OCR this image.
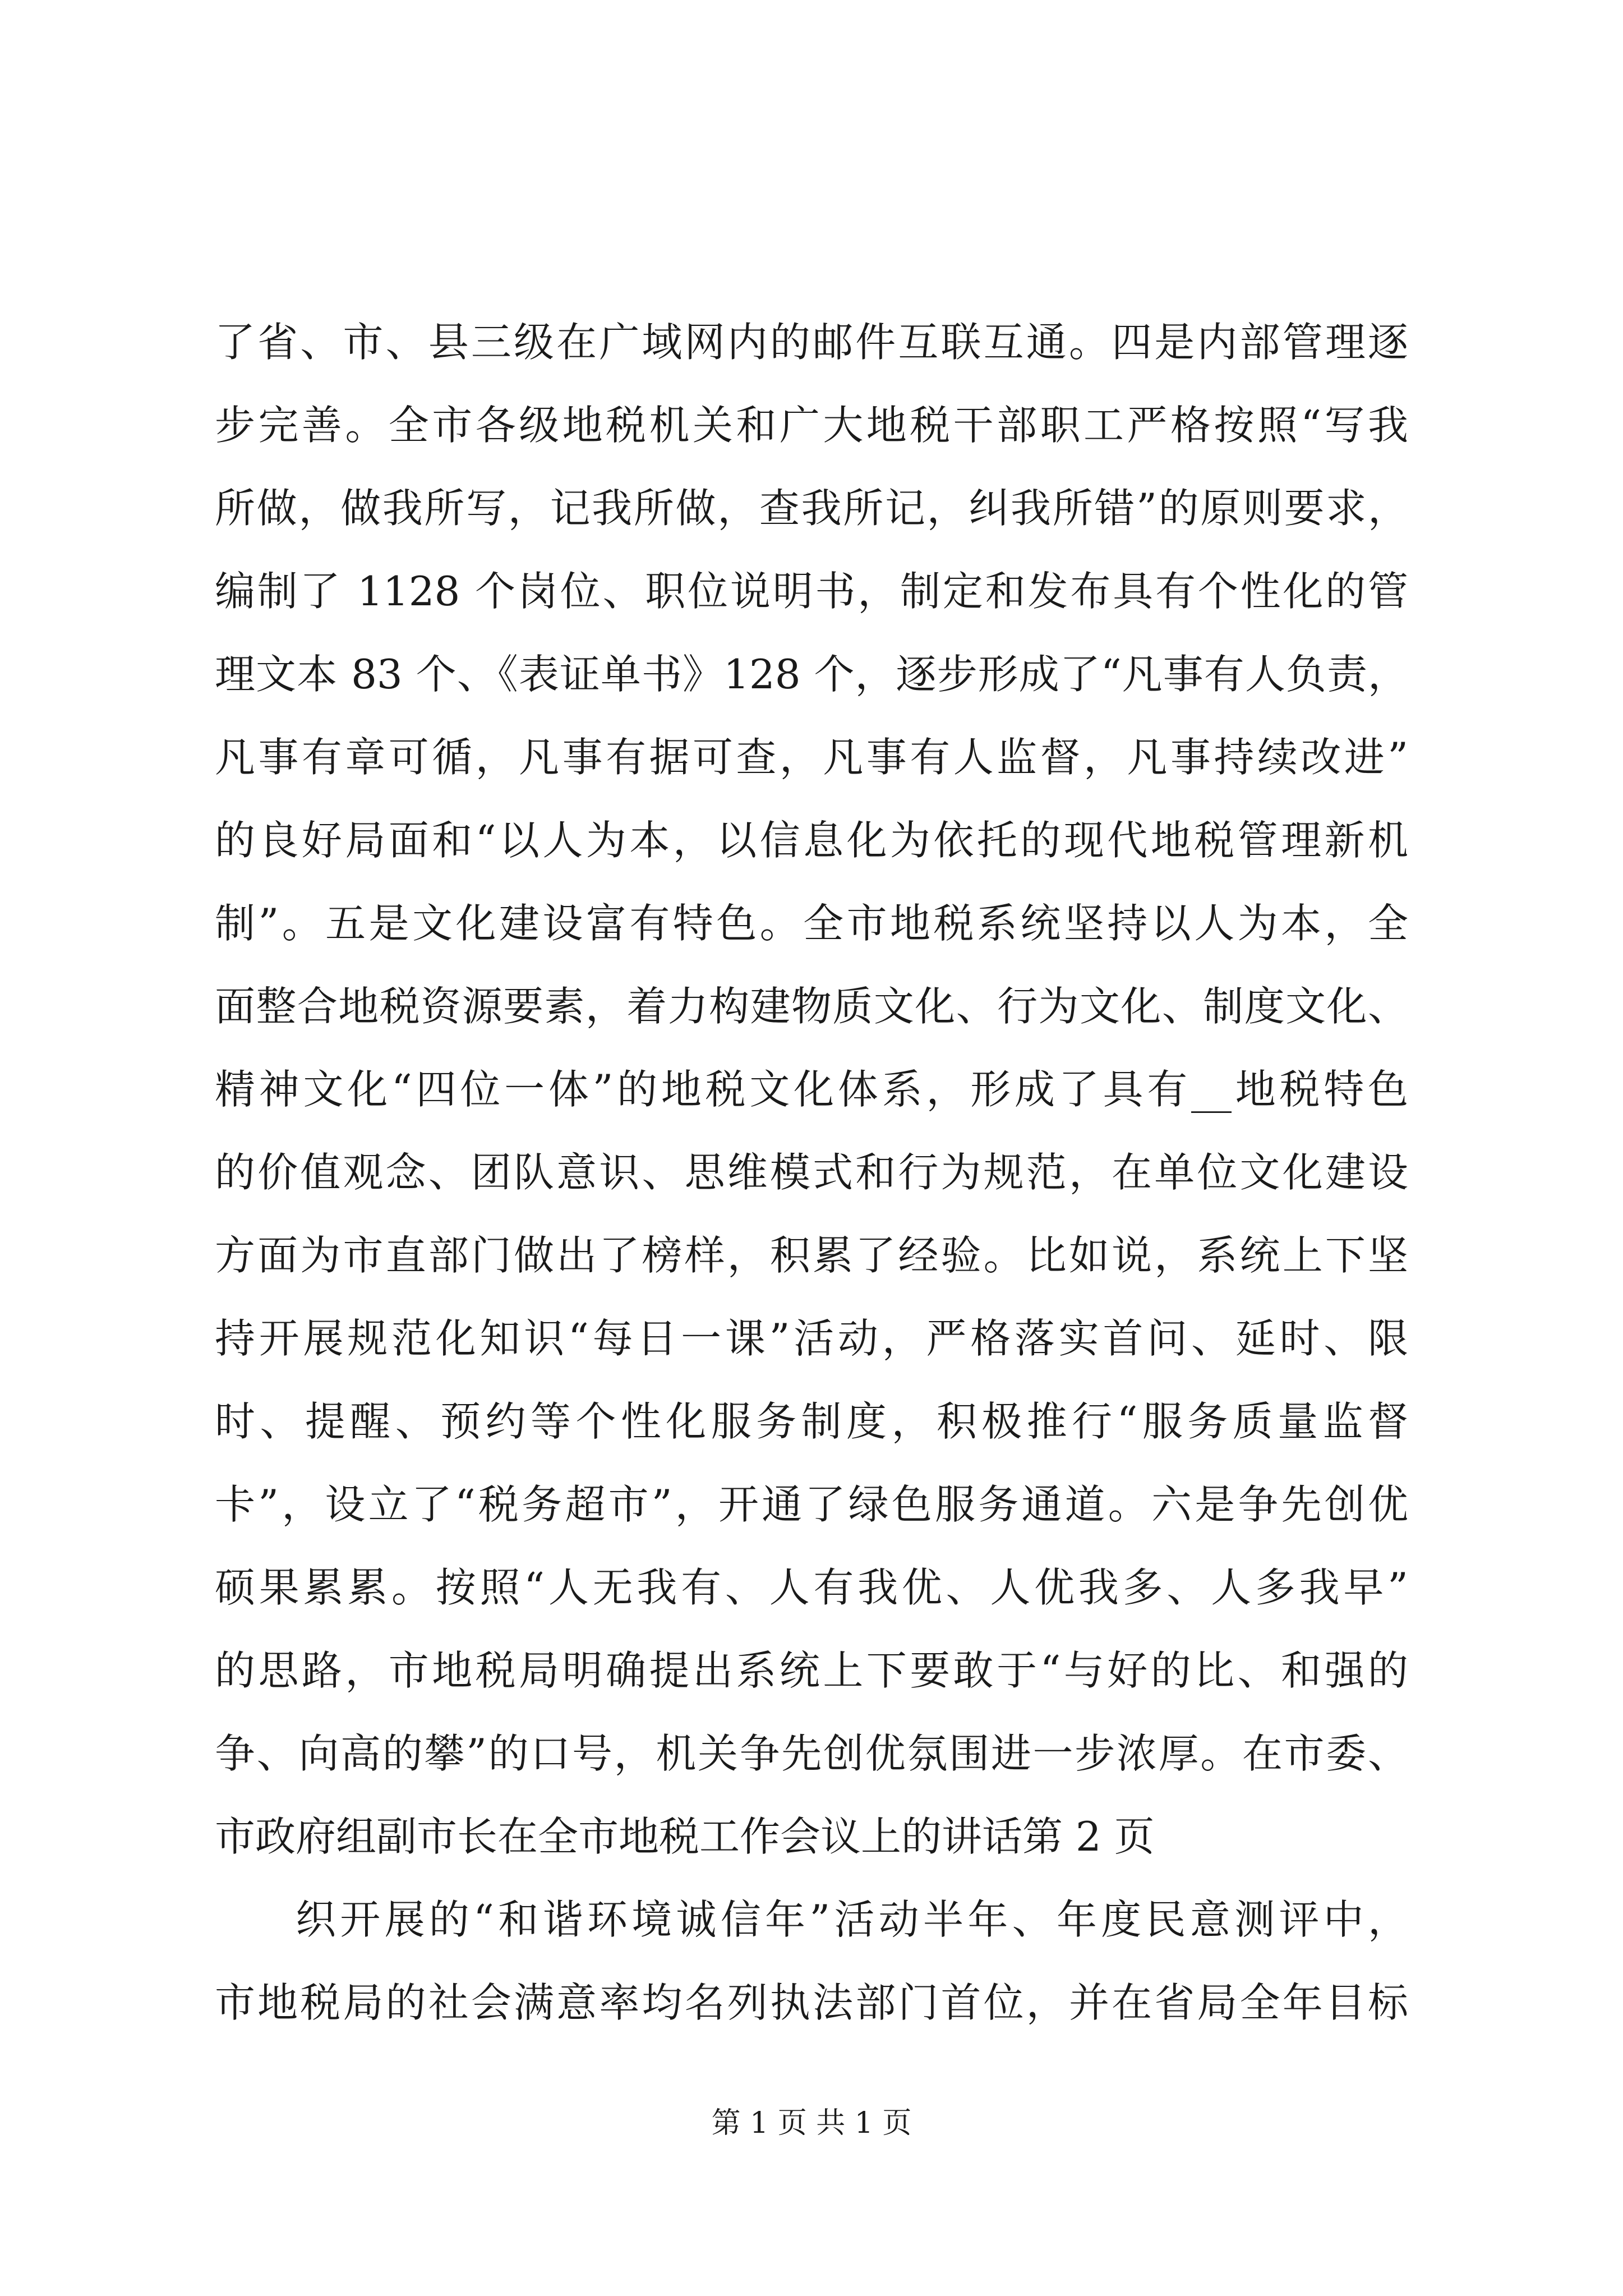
了省、市、县三级在广域网内的邮件互联互通。四是内部管理逐
步完善。全市各级地税机关和广大地税干部职工严格按照“写我
所做，做我所写，记我所做，查我所记，纠我所错”的原则要求，
编制了 1128 个岗位、职位说明书，制定和发布具有个性化的管
理文本 83 个、《表证单书》128 个，逐步形成了“凡事有人负责，
凡事有章可循，凡事有据可查，凡事有人监督，凡事持续改进”
的良好局面和“以人为本，以信息化为依托的现代地税管理新机
制”。五是文化建设富有特色。全市地税系统坚持以人为本，全
面整合地税资源要素，着力构建物质文化、行为文化、制度文化、
精神文化“四位一体”的地税文化体系，形成了具有__地税特色
的价值观念、团队意识、思维模式和行为规范，在单位文化建设
方面为市直部门做出了榜样，积累了经验。比如说，系统上下坚
持开展规范化知识“每日一课”活动，严格落实首问、延时、限
时、提醒、预约等个性化服务制度，积极推行“服务质量监督
卡”，设立了“税务超市”，开通了绿色服务通道。六是争先创优
硕果累累。按照“人无我有、人有我优、人优我多、人多我早”
的思路，市地税局明确提出系统上下要敢于“与好的比、和强的
争、向高的攀”的口号，机关争先创优氛围进一步浓厚。在市委、
市政府组副市长在全市地税工作会议上的讲话第 2 页
织开展的“和谐环境诚信年”活动半年、年度民意测评中，
市地税局的社会满意率均名列执法部门首位，并在省局全年目标
第 1 页 共 1 页
